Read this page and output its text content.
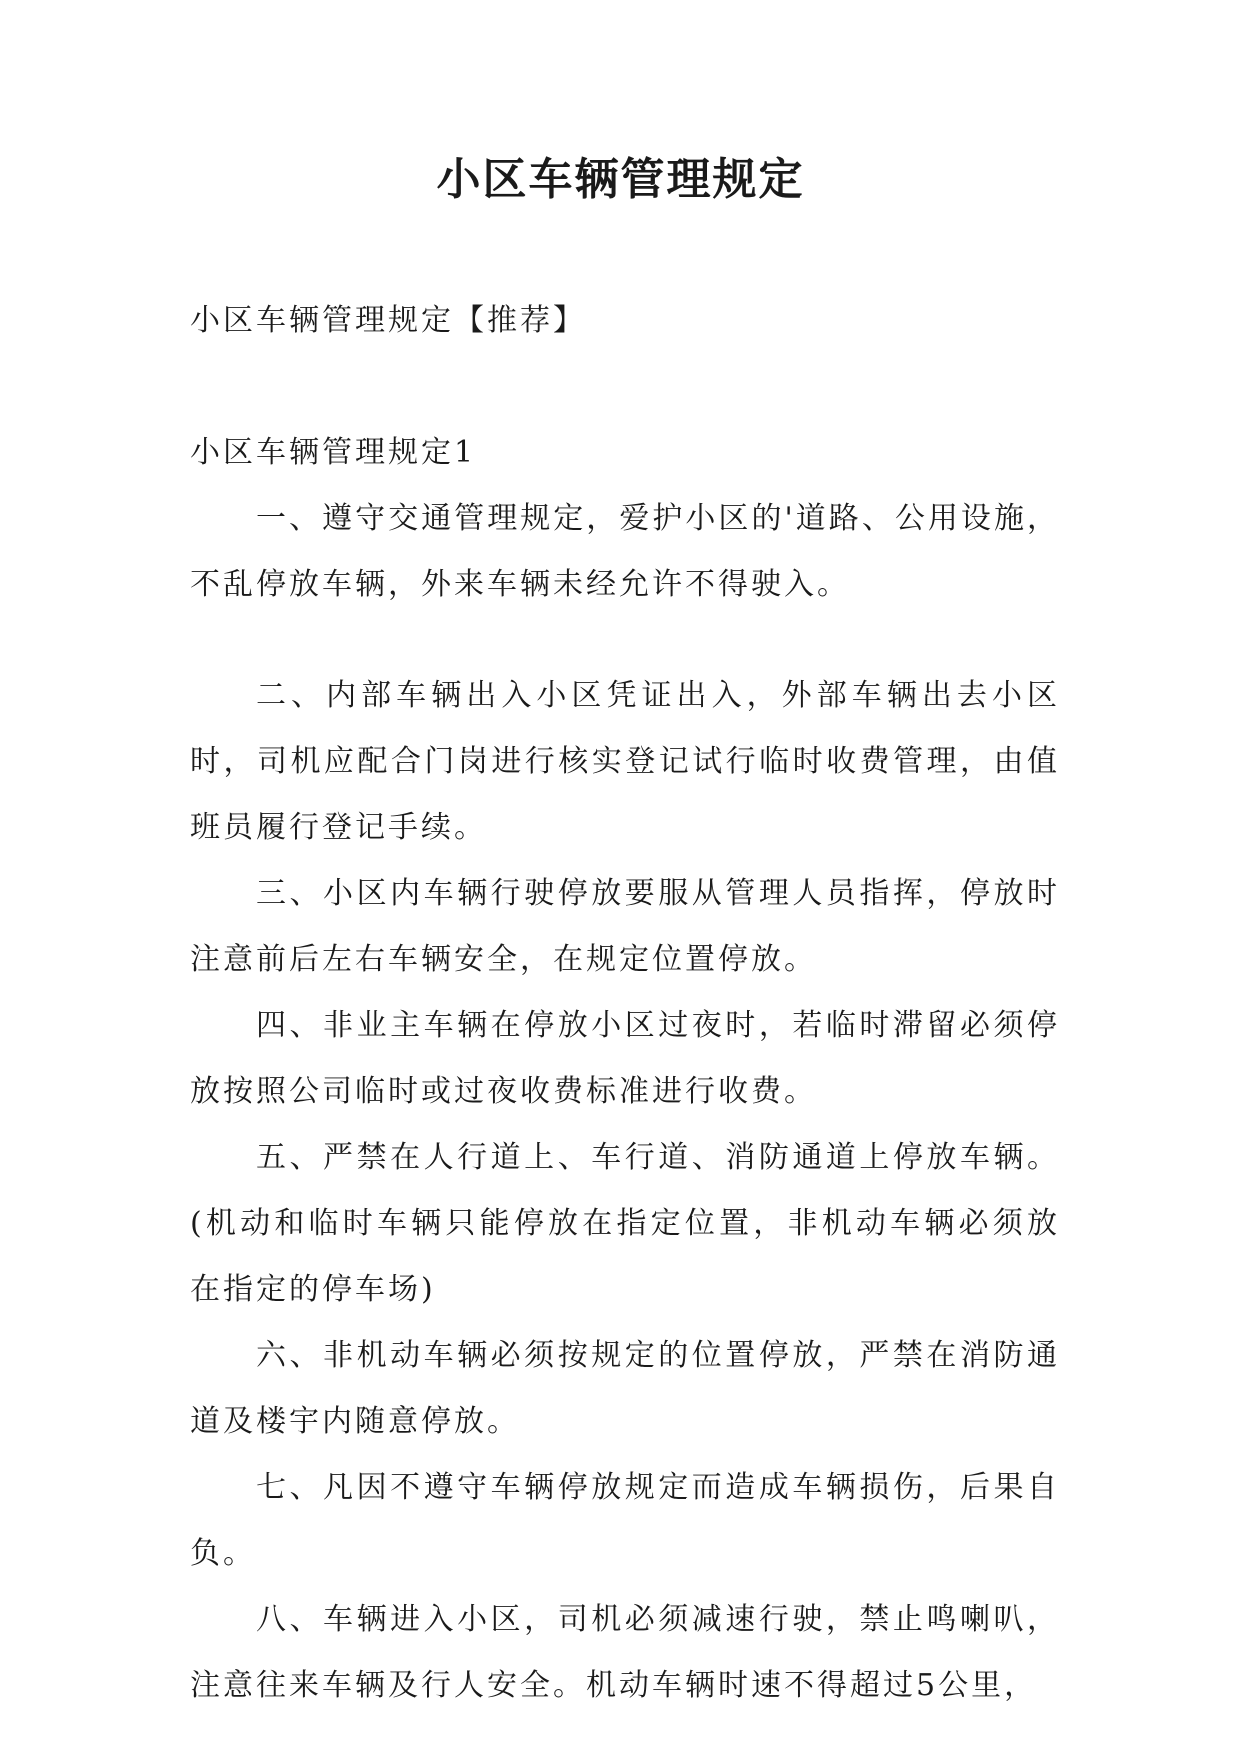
小区车辆管理规定

小区车辆管理规定【推荐】

小区车辆管理规定1

一、遵守交通管理规定，爱护小区的'道路、公用设施，不乱停放车辆，外来车辆未经允许不得驶入。

二、内部车辆出入小区凭证出入，外部车辆出去小区时，司机应配合门岗进行核实登记试行临时收费管理，由值班员履行登记手续。

三、小区内车辆行驶停放要服从管理人员指挥，停放时注意前后左右车辆安全，在规定位置停放。

四、非业主车辆在停放小区过夜时，若临时滞留必须停放按照公司临时或过夜收费标准进行收费。

五、严禁在人行道上、车行道、消防通道上停放车辆。(机动和临时车辆只能停放在指定位置，非机动车辆必须放在指定的停车场)

六、非机动车辆必须按规定的位置停放，严禁在消防通道及楼宇内随意停放。

七、凡因不遵守车辆停放规定而造成车辆损伤，后果自负。

八、车辆进入小区，司机必须减速行驶，禁止鸣喇叭，注意往来车辆及行人安全。机动车辆时速不得超过5公里，
